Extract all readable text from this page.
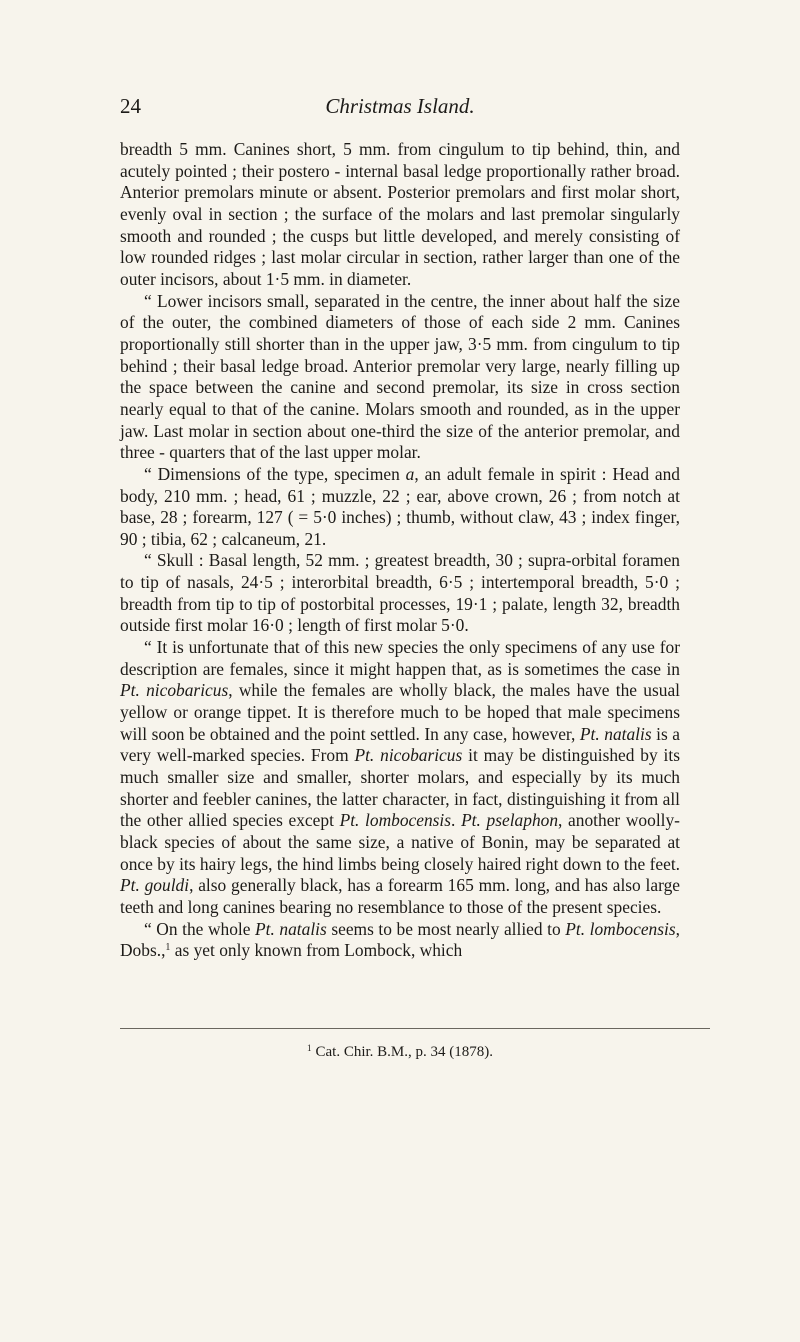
24	Christmas Island.

breadth 5 mm. Canines short, 5 mm. from cingulum to tip behind, thin, and acutely pointed ; their postero - internal basal ledge proportionally rather broad. Anterior premolars minute or absent. Posterior premolars and first molar short, evenly oval in section ; the surface of the molars and last premolar singularly smooth and rounded ; the cusps but little developed, and merely consisting of low rounded ridges ; last molar circular in section, rather larger than one of the outer incisors, about 1·5 mm. in diameter.

“ Lower incisors small, separated in the centre, the inner about half the size of the outer, the combined diameters of those of each side 2 mm. Canines proportionally still shorter than in the upper jaw, 3·5 mm. from cingulum to tip behind ; their basal ledge broad. Anterior premolar very large, nearly filling up the space between the canine and second premolar, its size in cross section nearly equal to that of the canine. Molars smooth and rounded, as in the upper jaw. Last molar in section about one-third the size of the anterior premolar, and three - quarters that of the last upper molar.

“ Dimensions of the type, specimen a, an adult female in spirit : Head and body, 210 mm. ; head, 61 ; muzzle, 22 ; ear, above crown, 26 ; from notch at base, 28 ; forearm, 127 ( = 5·0 inches) ; thumb, without claw, 43 ; index finger, 90 ; tibia, 62 ; calcaneum, 21.

“ Skull : Basal length, 52 mm. ; greatest breadth, 30 ; supra-orbital foramen to tip of nasals, 24·5 ; interorbital breadth, 6·5 ; intertemporal breadth, 5·0 ; breadth from tip to tip of postorbital processes, 19·1 ; palate, length 32, breadth outside first molar 16·0 ; length of first molar 5·0.

“ It is unfortunate that of this new species the only specimens of any use for description are females, since it might happen that, as is sometimes the case in Pt. nicobaricus, while the females are wholly black, the males have the usual yellow or orange tippet. It is therefore much to be hoped that male specimens will soon be obtained and the point settled. In any case, however, Pt. natalis is a very well-marked species. From Pt. nicobaricus it may be distinguished by its much smaller size and smaller, shorter molars, and especially by its much shorter and feebler canines, the latter character, in fact, distinguishing it from all the other allied species except Pt. lombocensis. Pt. pselaphon, another woolly-black species of about the same size, a native of Bonin, may be separated at once by its hairy legs, the hind limbs being closely haired right down to the feet. Pt. gouldi, also generally black, has a forearm 165 mm. long, and has also large teeth and long canines bearing no resemblance to those of the present species.

“ On the whole Pt. natalis seems to be most nearly allied to Pt. lombocensis, Dobs.,$^1$ as yet only known from Lombock, which

$^1$ Cat. Chir. B.M., p. 34 (1878).
